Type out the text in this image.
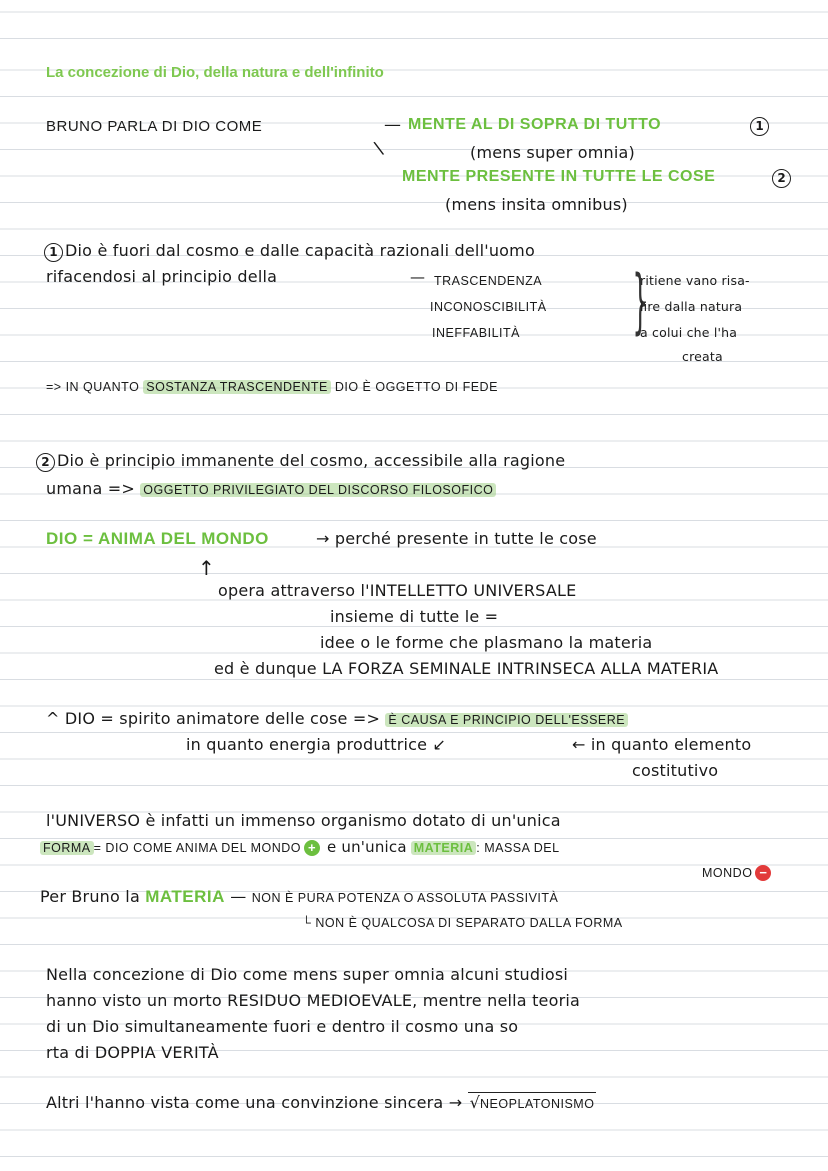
La concezione di Dio, della natura e dell'infinito
BRUNO PARLA DI DIO COME	— MENTE AL DI SOPRA DI TUTTO	1
(mens super omnia)
\
MENTE PRESENTE IN TUTTE LE COSE	2
(mens insita omnibus)
1 Dio è fuori dal cosmo e dalle capacità razionali dell'uomo
rifacendosi al principio della	— TRASCENDENZA
INCONOSCIBILITÀ
INEFFABILITÀ }
ritiene vano risa-
lire dalla natura
a colui che l'ha
creata
=> IN QUANTO SOSTANZA TRASCENDENTE DIO È OGGETTO DI FEDE
2 Dio è principio immanente del cosmo, accessibile alla ragione
umana => OGGETTO PRIVILEGIATO DEL DISCORSO FILOSOFICO
DIO = ANIMA DEL MONDO	→ perché presente in tutte le cose
↑
opera attraverso l'INTELLETTO UNIVERSALE
insieme di tutte le =
idee o le forme che plasmano la materia
ed è dunque LA FORZA SEMINALE INTRINSECA ALLA MATERIA
^ DIO = spirito animatore delle cose => È CAUSA E PRINCIPIO DELL'ESSERE
in quanto energia produttrice ↙	← in quanto elemento
costitutivo
l'UNIVERSO è infatti un immenso organismo dotato di un'unica
FORMA = DIO COME ANIMA DEL MONDO + e un'unica MATERIA : MASSA DEL
MONDO −
Per Bruno la MATERIA — NON È PURA POTENZA O ASSOLUTA PASSIVITÀ
└ NON È QUALCOSA DI SEPARATO DALLA FORMA
Nella concezione di Dio come mens super omnia alcuni studiosi
hanno visto un morto RESIDUO MEDIOEVALE, mentre nella teoria
di un Dio simultaneamente fuori e dentro il cosmo una so
rta di DOPPIA VERITÀ
Altri l'hanno vista come una convinzione sincera → √NEOPLATONISMO
